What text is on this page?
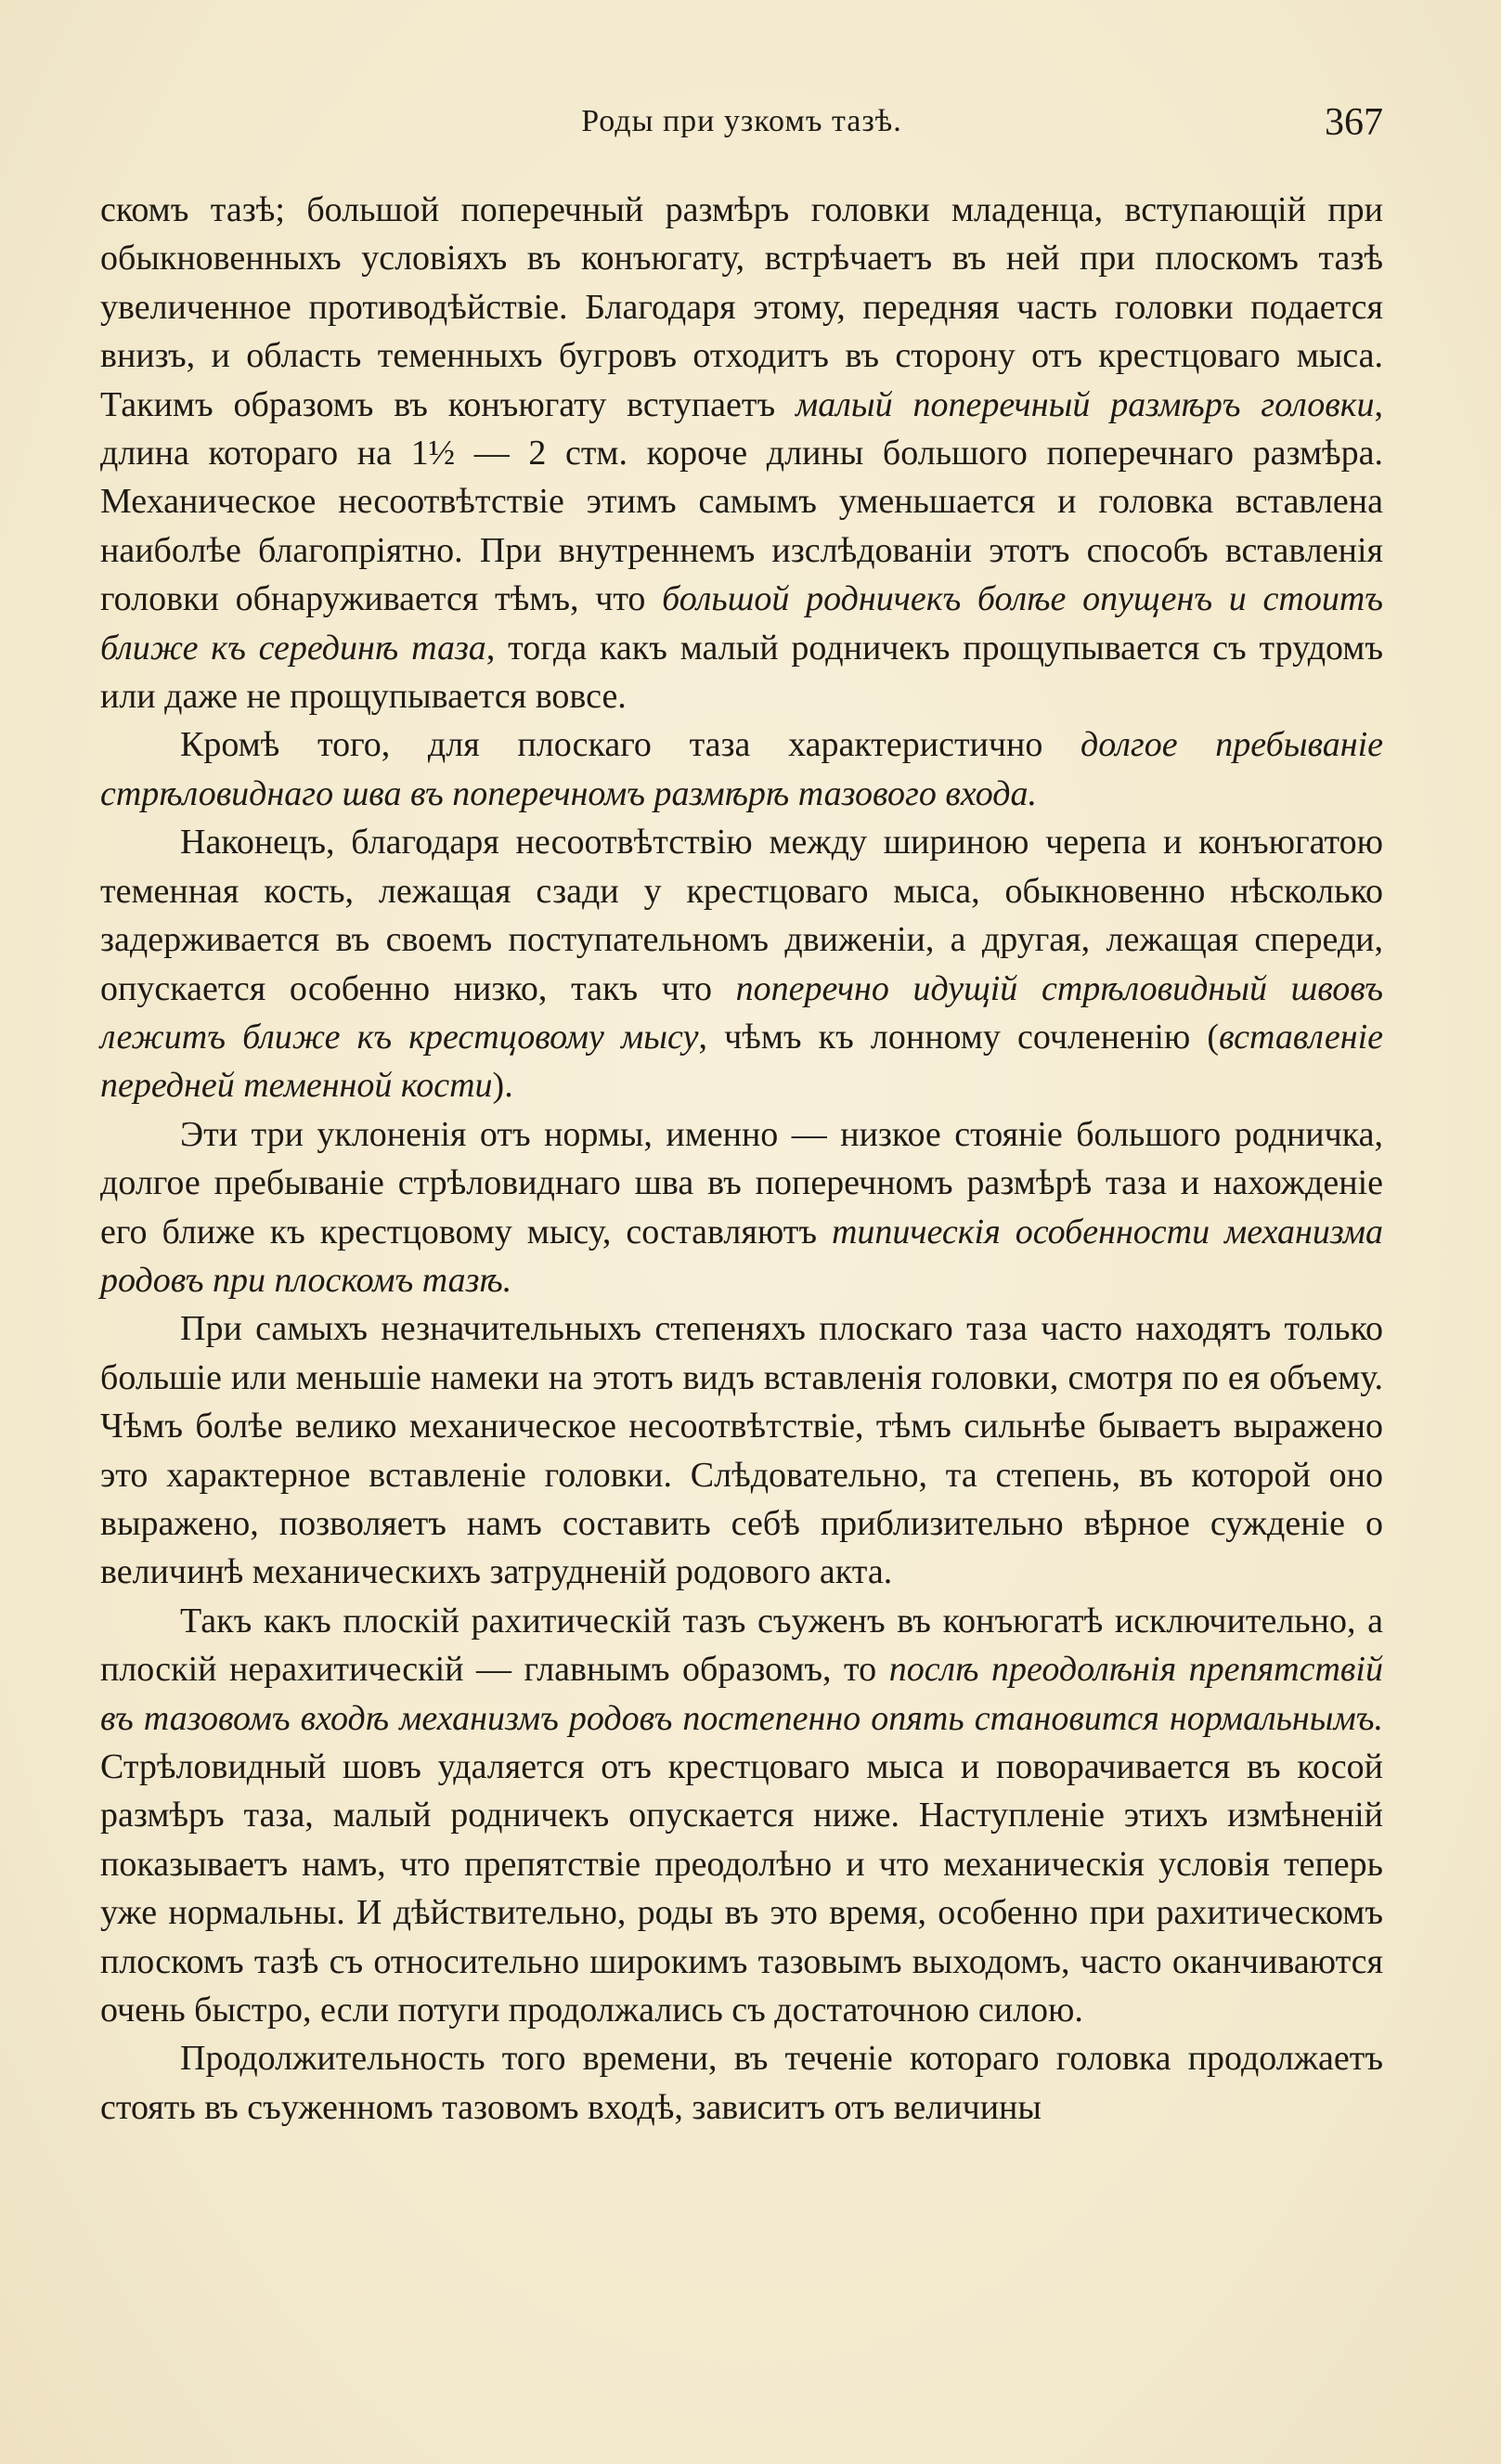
Роды при узкомъ тазѣ.	367

скомъ тазѣ; большой поперечный размѣръ головки младенца, вступающій при обыкновенныхъ условіяхъ въ конъюгату, встрѣчаетъ въ ней при плоскомъ тазѣ увеличенное противодѣйствіе. Благодаря этому, передняя часть головки подается внизъ, и область теменныхъ бугровъ отходитъ въ сторону отъ крестцоваго мыса. Такимъ образомъ въ конъюгату вступаетъ малый поперечный размѣръ головки, длина котораго на 1½ — 2 стм. короче длины большого поперечнаго размѣра. Механическое несоотвѣтствіе этимъ самымъ уменьшается и головка вставлена наиболѣе благопріятно. При внутреннемъ изслѣдованіи этотъ способъ вставленія головки обнаруживается тѣмъ, что большой родничекъ болѣе опущенъ и стоитъ ближе къ серединѣ таза, тогда какъ малый родничекъ прощупывается съ трудомъ или даже не прощупывается вовсе.

Кромѣ того, для плоскаго таза характеристично долгое пребываніе стрѣловиднаго шва въ поперечномъ размѣрѣ тазового входа.

Наконецъ, благодаря несоотвѣтствію между шириною черепа и конъюгатою теменная кость, лежащая сзади у крестцоваго мыса, обыкновенно нѣсколько задерживается въ своемъ поступательномъ движеніи, а другая, лежащая спереди, опускается особенно низко, такъ что поперечно идущій стрѣловидный швовъ лежитъ ближе къ крестцовому мысу, чѣмъ къ лонному сочлененію (вставленіе передней теменной кости).

Эти три уклоненія отъ нормы, именно — низкое стояніе большого родничка, долгое пребываніе стрѣловиднаго шва въ поперечномъ размѣрѣ таза и нахожденіе его ближе къ крестцовому мысу, составляютъ типическія особенности механизма родовъ при плоскомъ тазѣ.

При самыхъ незначительныхъ степеняхъ плоскаго таза часто находятъ только большіе или меньшіе намеки на этотъ видъ вставленія головки, смотря по ея объему. Чѣмъ болѣе велико механическое несоотвѣтствіе, тѣмъ сильнѣе бываетъ выражено это характерное вставленіе головки. Слѣдовательно, та степень, въ которой оно выражено, позволяетъ намъ составить себѣ приблизительно вѣрное сужденіе о величинѣ механическихъ затрудненій родового акта.

Такъ какъ плоскій рахитическій тазъ съуженъ въ конъюгатѣ исключительно, а плоскій нерахитическій — главнымъ образомъ, то послѣ преодолѣнія препятствій въ тазовомъ входѣ механизмъ родовъ постепенно опять становится нормальнымъ. Стрѣловидный шовъ удаляется отъ крестцоваго мыса и поворачивается въ косой размѣръ таза, малый родничекъ опускается ниже. Наступленіе этихъ измѣненій показываетъ намъ, что препятствіе преодолѣно и что механическія условія теперь уже нормальны. И дѣйствительно, роды въ это время, особенно при рахитическомъ плоскомъ тазѣ съ относительно широкимъ тазовымъ выходомъ, часто оканчиваются очень быстро, если потуги продолжались съ достаточною силою.

Продолжительность того времени, въ теченіе котораго головка продолжаетъ стоять въ съуженномъ тазовомъ входѣ, зависитъ отъ величины
